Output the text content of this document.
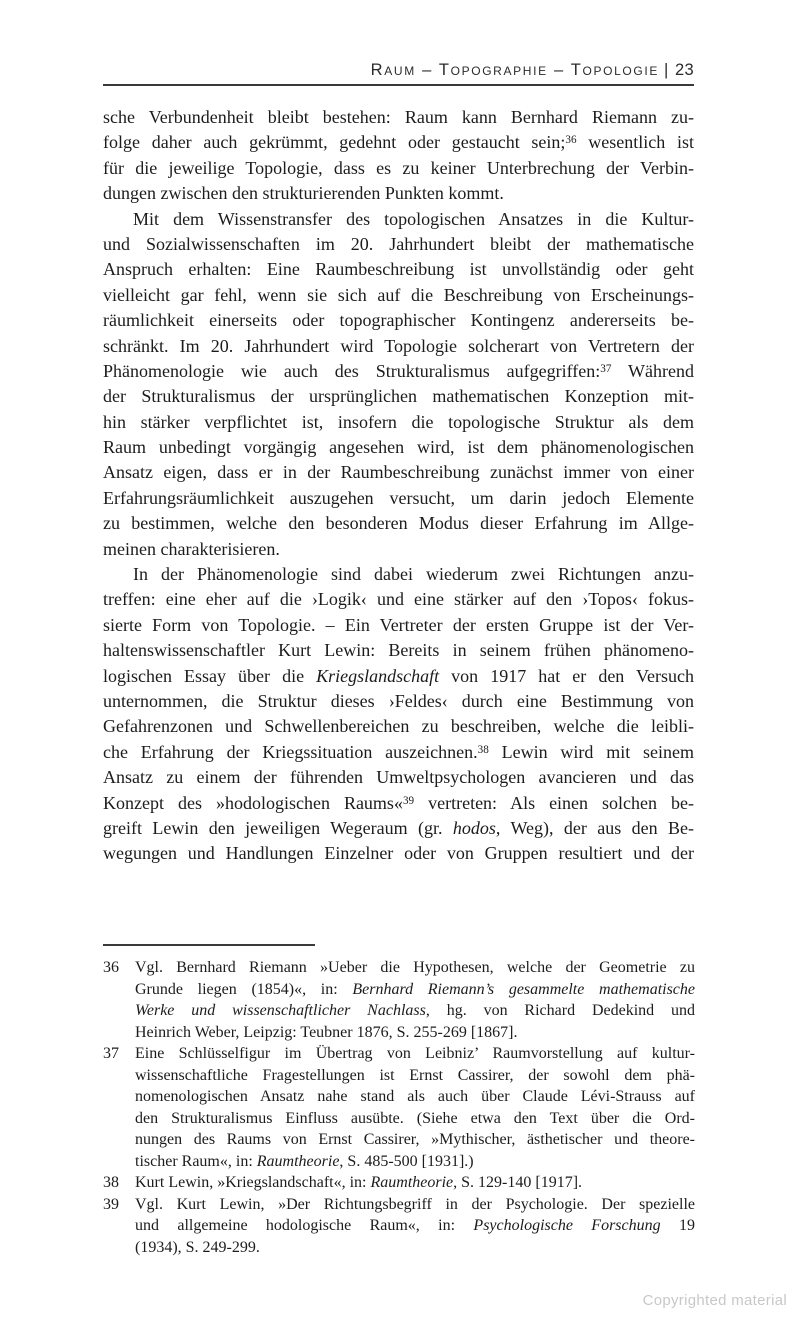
Raum – Topographie – Topologie | 23
sche Verbundenheit bleibt bestehen: Raum kann Bernhard Riemann zu-
folge daher auch gekrümmt, gedehnt oder gestaucht sein;$^{36}$ wesentlich ist
für die jeweilige Topologie, dass es zu keiner Unterbrechung der Verbin-
dungen zwischen den strukturierenden Punkten kommt.
Mit dem Wissenstransfer des topologischen Ansatzes in die Kultur-
und Sozialwissenschaften im 20. Jahrhundert bleibt der mathematische
Anspruch erhalten: Eine Raumbeschreibung ist unvollständig oder geht
vielleicht gar fehl, wenn sie sich auf die Beschreibung von Erscheinungs-
räumlichkeit einerseits oder topographischer Kontingenz andererseits be-
schränkt. Im 20. Jahrhundert wird Topologie solcherart von Vertretern der
Phänomenologie wie auch des Strukturalismus aufgegriffen:$^{37}$ Während
der Strukturalismus der ursprünglichen mathematischen Konzeption mit-
hin stärker verpflichtet ist, insofern die topologische Struktur als dem
Raum unbedingt vorgängig angesehen wird, ist dem phänomenologischen
Ansatz eigen, dass er in der Raumbeschreibung zunächst immer von einer
Erfahrungsräumlichkeit auszugehen versucht, um darin jedoch Elemente
zu bestimmen, welche den besonderen Modus dieser Erfahrung im Allge-
meinen charakterisieren.
In der Phänomenologie sind dabei wiederum zwei Richtungen anzu-
treffen: eine eher auf die ›Logik‹ und eine stärker auf den ›Topos‹ fokus-
sierte Form von Topologie. – Ein Vertreter der ersten Gruppe ist der Ver-
haltenswissenschaftler Kurt Lewin: Bereits in seinem frühen phänomeno-
logischen Essay über die Kriegslandschaft von 1917 hat er den Versuch
unternommen, die Struktur dieses ›Feldes‹ durch eine Bestimmung von
Gefahrenzonen und Schwellenbereichen zu beschreiben, welche die leibli-
che Erfahrung der Kriegssituation auszeichnen.$^{38}$ Lewin wird mit seinem
Ansatz zu einem der führenden Umweltpsychologen avancieren und das
Konzept des »hodologischen Raums«$^{39}$ vertreten: Als einen solchen be-
greift Lewin den jeweiligen Wegeraum (gr. hodos, Weg), der aus den Be-
wegungen und Handlungen Einzelner oder von Gruppen resultiert und der
36 Vgl. Bernhard Riemann »Ueber die Hypothesen, welche der Geometrie zu
Grunde liegen (1854)«, in: Bernhard Riemann’s gesammelte mathematische
Werke und wissenschaftlicher Nachlass, hg. von Richard Dedekind und
Heinrich Weber, Leipzig: Teubner 1876, S. 255-269 [1867].
37 Eine Schlüsselfigur im Übertrag von Leibniz’ Raumvorstellung auf kultur-
wissenschaftliche Fragestellungen ist Ernst Cassirer, der sowohl dem phä-
nomenologischen Ansatz nahe stand als auch über Claude Lévi-Strauss auf
den Strukturalismus Einfluss ausübte. (Siehe etwa den Text über die Ord-
nungen des Raums von Ernst Cassirer, »Mythischer, ästhetischer und theore-
tischer Raum«, in: Raumtheorie, S. 485-500 [1931].)
38 Kurt Lewin, »Kriegslandschaft«, in: Raumtheorie, S. 129-140 [1917].
39 Vgl. Kurt Lewin, »Der Richtungsbegriff in der Psychologie. Der spezielle
und allgemeine hodologische Raum«, in: Psychologische Forschung 19
(1934), S. 249-299.
Copyrighted material
